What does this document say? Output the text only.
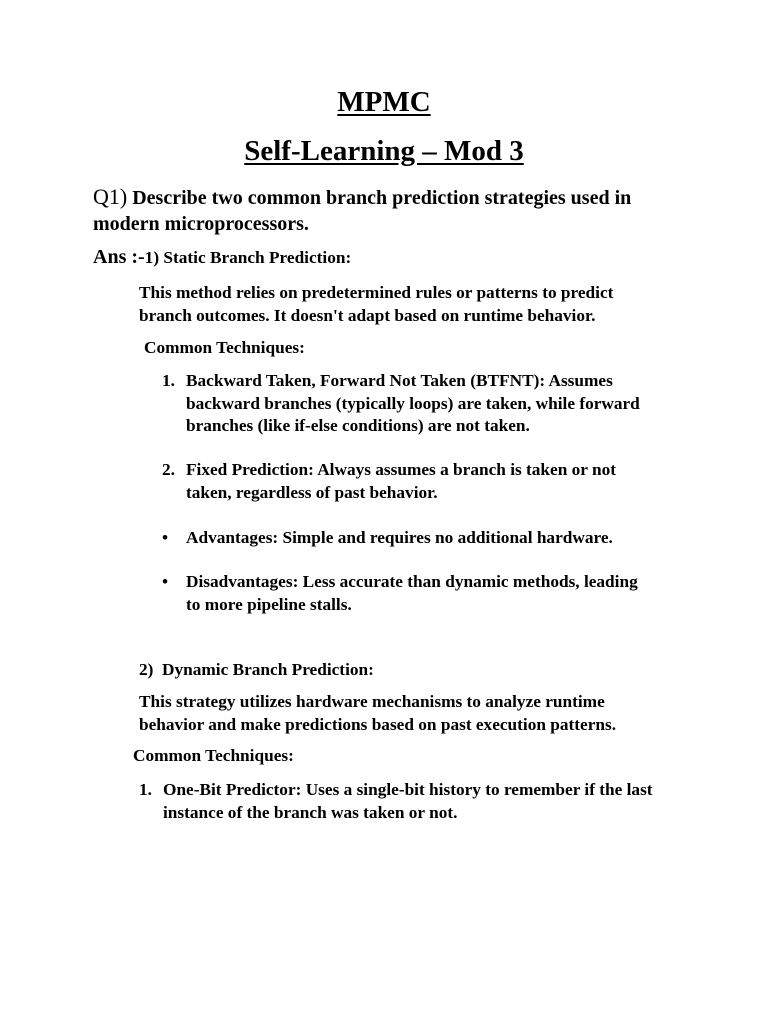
MPMC
Self-Learning – Mod 3
Q1) Describe two common branch prediction strategies used in
modern microprocessors.
Ans :-1) Static Branch Prediction:
This method relies on predetermined rules or patterns to predict
branch outcomes. It doesn't adapt based on runtime behavior.
Common Techniques:
1. Backward Taken, Forward Not Taken (BTFNT): Assumes
backward branches (typically loops) are taken, while forward
branches (like if-else conditions) are not taken.
2. Fixed Prediction: Always assumes a branch is taken or not
taken, regardless of past behavior.
• Advantages: Simple and requires no additional hardware.
• Disadvantages: Less accurate than dynamic methods, leading
to more pipeline stalls.
2)  Dynamic Branch Prediction:
This strategy utilizes hardware mechanisms to analyze runtime
behavior and make predictions based on past execution patterns.
Common Techniques:
1. One-Bit Predictor: Uses a single-bit history to remember if the last
instance of the branch was taken or not.
